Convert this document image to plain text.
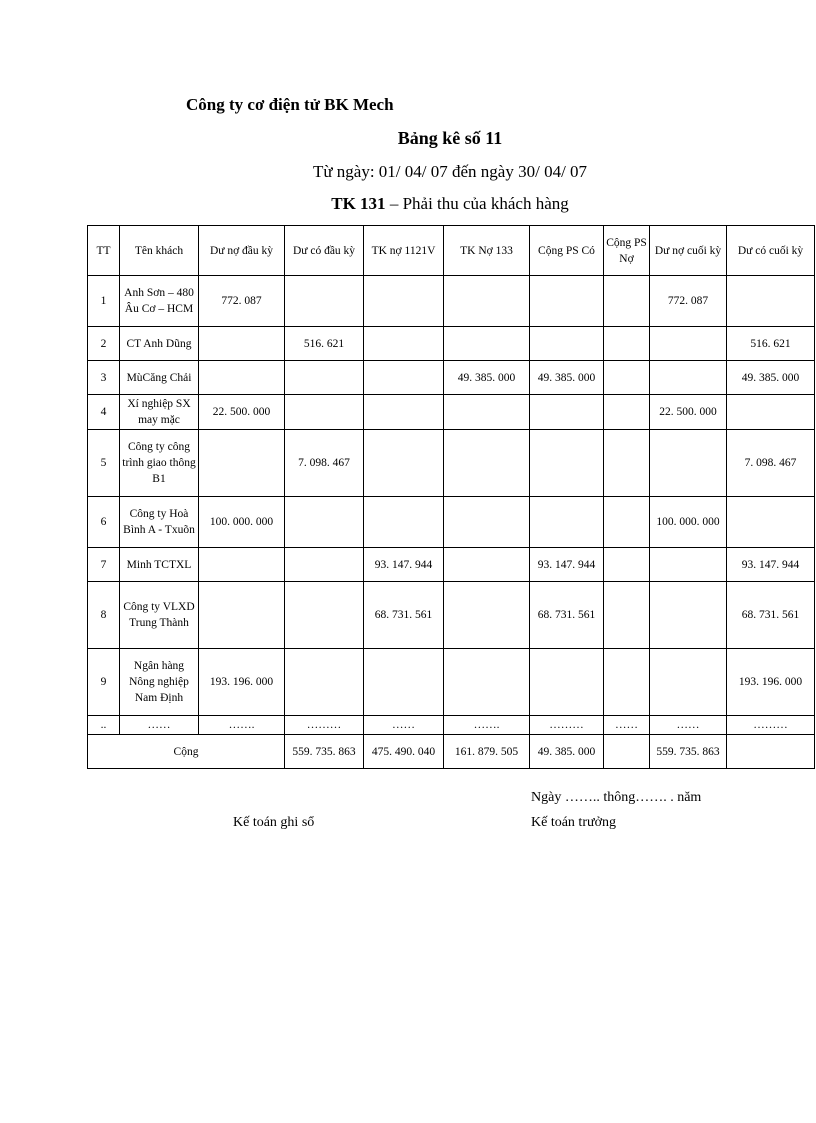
Công ty cơ điện tử BK Mech
Bảng kê số 11
Từ ngày: 01/ 04/ 07 đến ngày 30/ 04/ 07
TK 131 – Phải thu của khách hàng
TT	Tên khách	Dư nợ đầu kỳ	Dư có đầu kỳ	TK nợ 1121V	TK Nợ 133	Cộng PS Có	Cộng PS Nợ	Dư nợ cuối kỳ	Dư có cuối kỳ
1	Anh Sơn – 480 Âu Cơ – HCM	772. 087						772. 087	
2	CT Anh Dũng		516. 621						516. 621
3	MùCăng Chải				49. 385. 000	49. 385. 000			49. 385. 000
4	Xí nghiệp SX may mặc	22. 500. 000						22. 500. 000	
5	Công ty công trình giao thông B1		7. 098. 467						7. 098. 467
6	Công ty Hoà Bình A - Txuõn	100. 000. 000						100. 000. 000	
7	Minh TCTXL			93. 147. 944		93. 147. 944			93. 147. 944
8	Công ty VLXD Trung Thành			68. 731. 561		68. 731. 561			68. 731. 561
9	Ngân hàng Nông nghiệp Nam Định	193. 196. 000							193. 196. 000
..	……	…….	………	……	…….	………	……	……	………
Cộng			559. 735. 863	475. 490. 040	161. 879. 505	49. 385. 000		559. 735. 863	
Ngày …….. thông……. . năm
Kế toán ghi sổ	Kế toán trưởng
